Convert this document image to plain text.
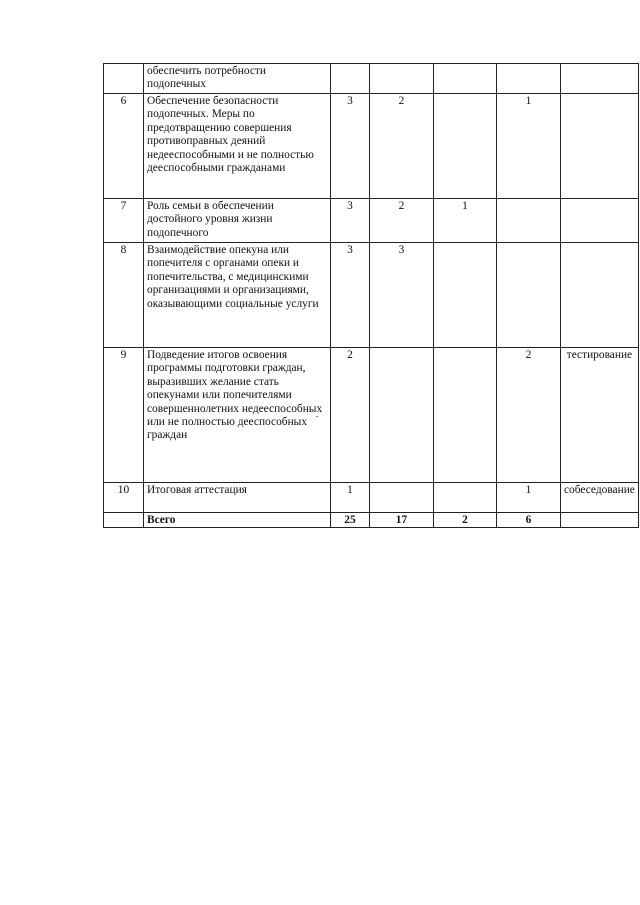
	обеспечить потребности подопечных					
6	Обеспечение безопасности подопечных. Меры по предотвращению совершения противоправных деяний недееспособными и не полностью дееспособными гражданами	3	2		1	
7	Роль семьи в обеспечении достойного уровня жизни подопечного	3	2	1		
8	Взаимодействие опекуна или попечителя с органами опеки и попечительства, с медицинскими организациями и организациями, оказывающими социальные услуги	3	3			
9	Подведение итогов освоения программы подготовки граждан, выразивших желание стать опекунами или попечителями совершеннолетних недееспособных или не полностью дееспособных граждан	2			2	тестирование
10	Итоговая аттестация	1			1	собеседование
	Всего	25	17	2	6	
